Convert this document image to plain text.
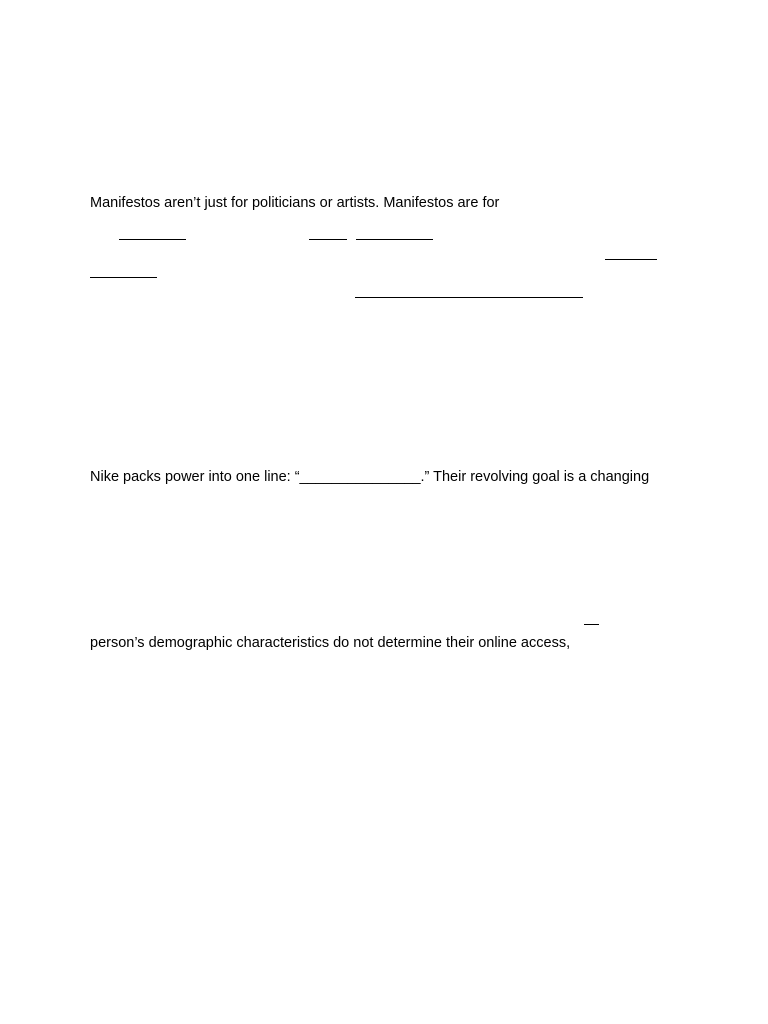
Manifestos aren’t just for politicians or artists. Manifestos are for

Nike packs power into one line: “_______________.” Their revolving goal is a changing

person’s demographic characteristics do not determine their online access,
